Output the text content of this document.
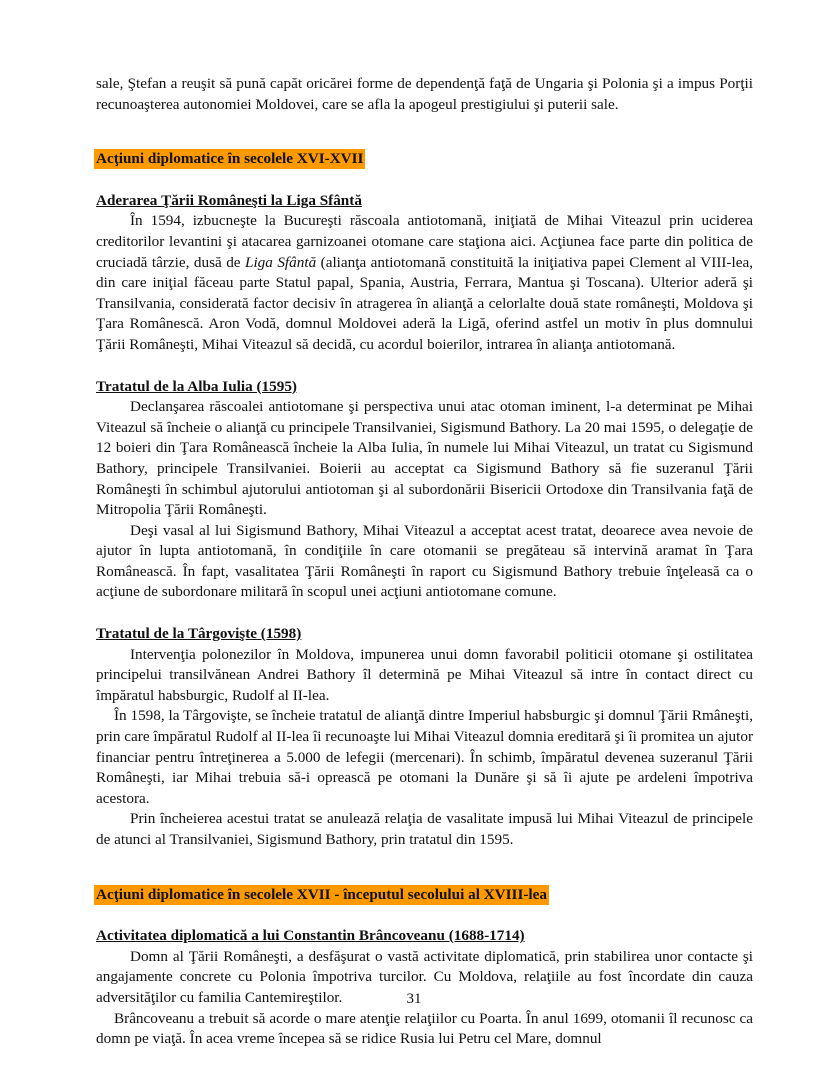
sale, Ştefan a reuşit să pună capăt oricărei forme de dependenţă faţă de Ungaria şi Polonia şi a impus Porţii recunoaşterea autonomiei Moldovei, care se afla la apogeul prestigiului şi puterii sale.

Acţiuni diplomatice în secolele XVI-XVII
Aderarea Ţării Româneşti la Liga Sfântă

În 1594, izbucneşte la Bucureşti răscoala antiotomană, iniţiată de Mihai Viteazul prin uciderea creditorilor levantini şi atacarea garnizoanei otomane care staţiona aici. Acţiunea face parte din politica de cruciadă târzie, dusă de Liga Sfântă (alianţa antiotomană constituită la iniţiativa papei Clement al VIII-lea, din care iniţial făceau parte Statul papal, Spania, Austria, Ferrara, Mantua şi Toscana). Ulterior aderă şi Transilvania, considerată factor decisiv în atragerea în alianţă a celorlalte două state româneşti, Moldova şi Ţara Românescă. Aron Vodă, domnul Moldovei aderă la Ligă, oferind astfel un motiv în plus domnului Ţării Româneşti, Mihai Viteazul să decidă, cu acordul boierilor, intrarea în alianţa antiotomană.

Tratatul de la Alba Iulia (1595)

Declanşarea răscoalei antiotomane şi perspectiva unui atac otoman iminent, l-a determinat pe Mihai Viteazul să încheie o alianţă cu principele Transilvaniei, Sigismund Bathory. La 20 mai 1595, o delegaţie de 12 boieri din Ţara Românească încheie la Alba Iulia, în numele lui Mihai Viteazul, un tratat cu Sigismund Bathory, principele Transilvaniei. Boierii au acceptat ca Sigismund Bathory să fie suzeranul Ţării Româneşti în schimbul ajutorului antiotoman şi al subordonării Bisericii Ortodoxe din Transilvania faţă de Mitropolia Ţării Româneşti.

Deşi vasal al lui Sigismund Bathory, Mihai Viteazul a acceptat acest tratat, deoarece avea nevoie de ajutor în lupta antiotomană, în condiţiile în care otomanii se pregăteau să intervină aramat în Ţara Românească. În fapt, vasalitatea Ţării Româneşti în raport cu Sigismund Bathory trebuie înţeleasă ca o acţiune de subordonare militară în scopul unei acţiuni antiotomane comune.

Tratatul de la Târgovişte (1598)

Intervenţia polonezilor în Moldova, impunerea unui domn favorabil politicii otomane şi ostilitatea principelui transilvănean Andrei Bathory îl determină pe Mihai Viteazul să intre în contact direct cu împăratul habsburgic, Rudolf al II-lea.

În 1598, la Târgovişte, se încheie tratatul de alianţă dintre Imperiul habsburgic şi domnul Ţării Rmâneşti, prin care împăratul Rudolf al II-lea îi recunoaşte lui Mihai Viteazul domnia ereditară şi îi promitea un ajutor financiar pentru întreţinerea a 5.000 de lefegii (mercenari). În schimb, împăratul devenea suzeranul Ţării Româneşti, iar Mihai trebuia să-i oprească pe otomani la Dunăre şi să îi ajute pe ardeleni împotriva acestora.

Prin încheierea acestui tratat se anulează relaţia de vasalitate impusă lui Mihai Viteazul de principele de atunci al Transilvaniei, Sigismund Bathory, prin tratatul din 1595.

Acţiuni diplomatice în secolele XVII - începutul secolului al XVIII-lea
Activitatea diplomatică a lui Constantin Brâncoveanu (1688-1714)

Domn al Ţării Româneşti, a desfăşurat o vastă activitate diplomatică, prin stabilirea unor contacte şi angajamente concrete cu Polonia împotriva turcilor. Cu Moldova, relaţiile au fost încordate din cauza adversităţilor cu familia Cantemireştilor.

Brâncoveanu a trebuit să acorde o mare atenţie relaţiilor cu Poarta. În anul 1699, otomanii îl recunosc ca domn pe viaţă. În acea vreme începea să se ridice Rusia lui Petru cel Mare, domnul

31
